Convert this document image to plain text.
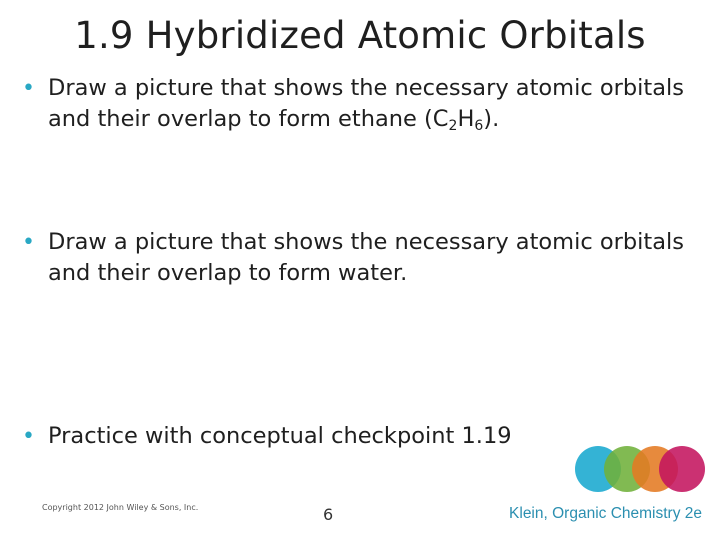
1.9 Hybridized Atomic Orbitals
• Draw a picture that shows the necessary atomic orbitals and their overlap to form ethane $(C_2H_6)$.
• Draw a picture that shows the necessary atomic orbitals and their overlap to form water.
• Practice with conceptual checkpoint 1.19
Copyright 2012 John Wiley & Sons, Inc.	6	Klein, Organic Chemistry 2e
